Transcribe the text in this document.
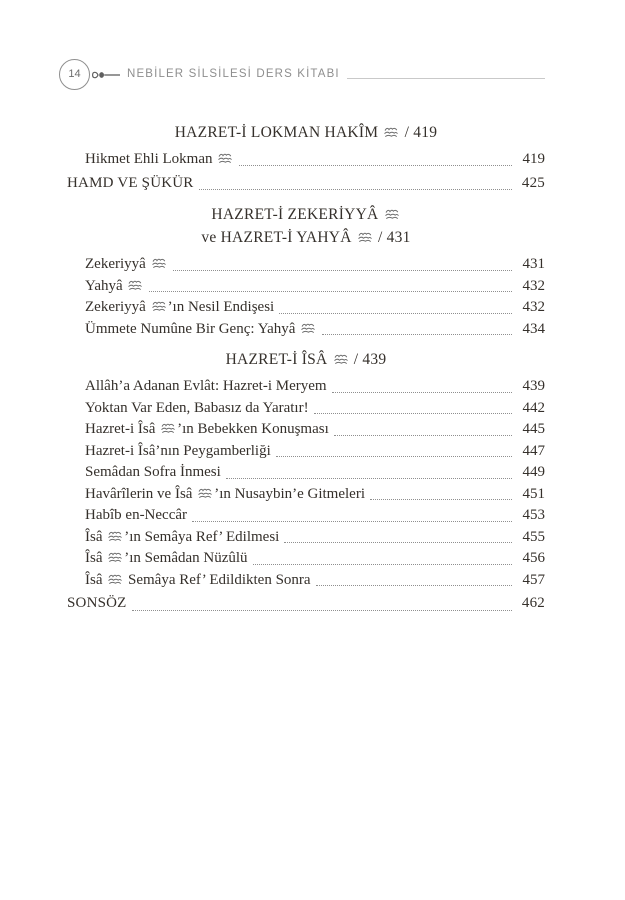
14	NEBİLER SİLSİLESİ DERS KİTABI
HAZRET-İ LOKMAN HAKÎM  / 419
Hikmet Ehli Lokman	419
HAMD VE ŞÜKÜR	425
HAZRET-İ ZEKERİYYÂ
ve HAZRET-İ YAHYÂ  / 431
Zekeriyyâ	431
Yahyâ	432
Zekeriyyâ ’ın Nesil Endişesi	432
Ümmete Numûne Bir Genç: Yahyâ	434
HAZRET-İ ÎSÂ  / 439
Allâh’a Adanan Evlât: Hazret-i Meryem	439
Yoktan Var Eden, Babasız da Yaratır!	442
Hazret-i Îsâ ’ın Bebekken Konuşması	445
Hazret-i Îsâ’nın Peygamberliği	447
Semâdan Sofra İnmesi	449
Havârîlerin ve Îsâ ’ın Nusaybin’e Gitmeleri	451
Habîb en-Neccâr	453
Îsâ ’ın Semâya Ref’ Edilmesi	455
Îsâ ’ın Semâdan Nüzûlü	456
Îsâ  Semâya Ref’ Edildikten Sonra	457
SONSÖZ	462
